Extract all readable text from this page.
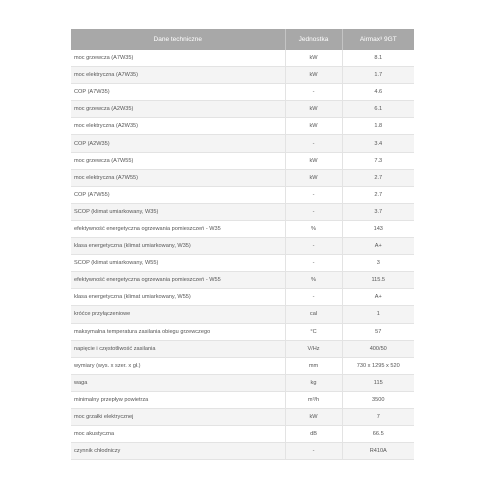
Dane techniczne	Jednostka	Airmax³ 9GT
moc grzewcza (A7W35)	kW	8.1
moc elektryczna (A7W35)	kW	1.7
COP (A7W35)	-	4.6
moc grzewcza (A2W35)	kW	6.1
moc elektryczna (A2W35)	kW	1.8
COP (A2W35)	-	3.4
moc grzewcza (A7W55)	kW	7.3
moc elektryczna (A7W55)	kW	2.7
COP (A7W55)	-	2.7
SCOP (klimat umiarkowany, W35)	-	3.7
efektywność energetyczna ogrzewania pomieszczeń - W35	%	143
klasa energetyczna (klimat umiarkowany, W35)	-	A+
SCOP (klimat umiarkowany, W55)	-	3
efektywność energetyczna ogrzewania pomieszczeń - W55	%	115.5
klasa energetyczna (klimat umiarkowany, W55)	-	A+
króćce przyłączeniowe	cal	1
maksymalna temperatura zasilania obiegu grzewczego	°C	57
napięcie i częstotliwość zasilania	V/Hz	400/50
wymiary (wys. x szer. x gł.)	mm	730 x 1295 x 520
waga	kg	115
minimalny przepływ powietrza	m³/h	3500
moc grzałki elektrycznej	kW	7
moc akustyczna	dB	66.5
czynnik chłodniczy	-	R410A
